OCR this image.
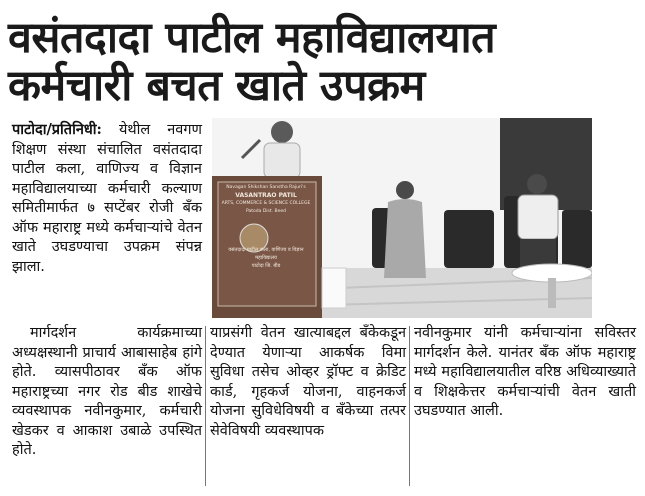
वसंतदादा पाटील महाविद्यालयात
कर्मचारी बचत खाते उपक्रम

पाटोदा/प्रतिनिधी: येथील नवगण शिक्षण संस्था संचालित वसंतदादा पाटील कला, वाणिज्य व विज्ञान महाविद्यालयाच्या कर्मचारी कल्याण समितीमार्फत ७ सप्टेंबर रोजी बँक ऑफ महाराष्ट्र मध्ये कर्मचाऱ्यांचे वेतन खाते उघडण्याचा उपक्रम संपन्न झाला.

Navagan Shikshan Sanstha Rajuri's
VASANTRAO PATIL
ARTS, COMMERCE & SCIENCE COLLEGE
Patoda Dist. Beed
वसंतदादा पाटील कला, वाणिज्य व विज्ञान महाविद्यालय
पाटोदा जि. बीड

मार्गदर्शन कार्यक्रमाच्या अध्यक्षस्थानी प्राचार्य आबासाहेब हांगे होते. व्यासपीठावर बँक ऑफ महाराष्ट्रच्या नगर रोड बीड शाखेचे व्यवस्थापक नवीनकुमार, कर्मचारी खेडकर व आकाश उबाळे उपस्थित होते.

याप्रसंगी वेतन खात्याबद्दल बँकेकडून देण्यात येणाऱ्या आकर्षक विमा सुविधा तसेच ओव्हर ड्रॉफ्ट व क्रेडिट कार्ड, गृहकर्ज योजना, वाहनकर्ज योजना सुविधेविषयी व बँकेच्या तत्पर सेवेविषयी व्यवस्थापक

नवीनकुमार यांनी कर्मचाऱ्यांना सविस्तर मार्गदर्शन केले. यानंतर बँक ऑफ महाराष्ट्र मध्ये महाविद्यालयातील वरिष्ठ अधिव्याख्याते व शिक्षकेत्तर कर्मचाऱ्यांची वेतन खाती उघडण्यात आली.
